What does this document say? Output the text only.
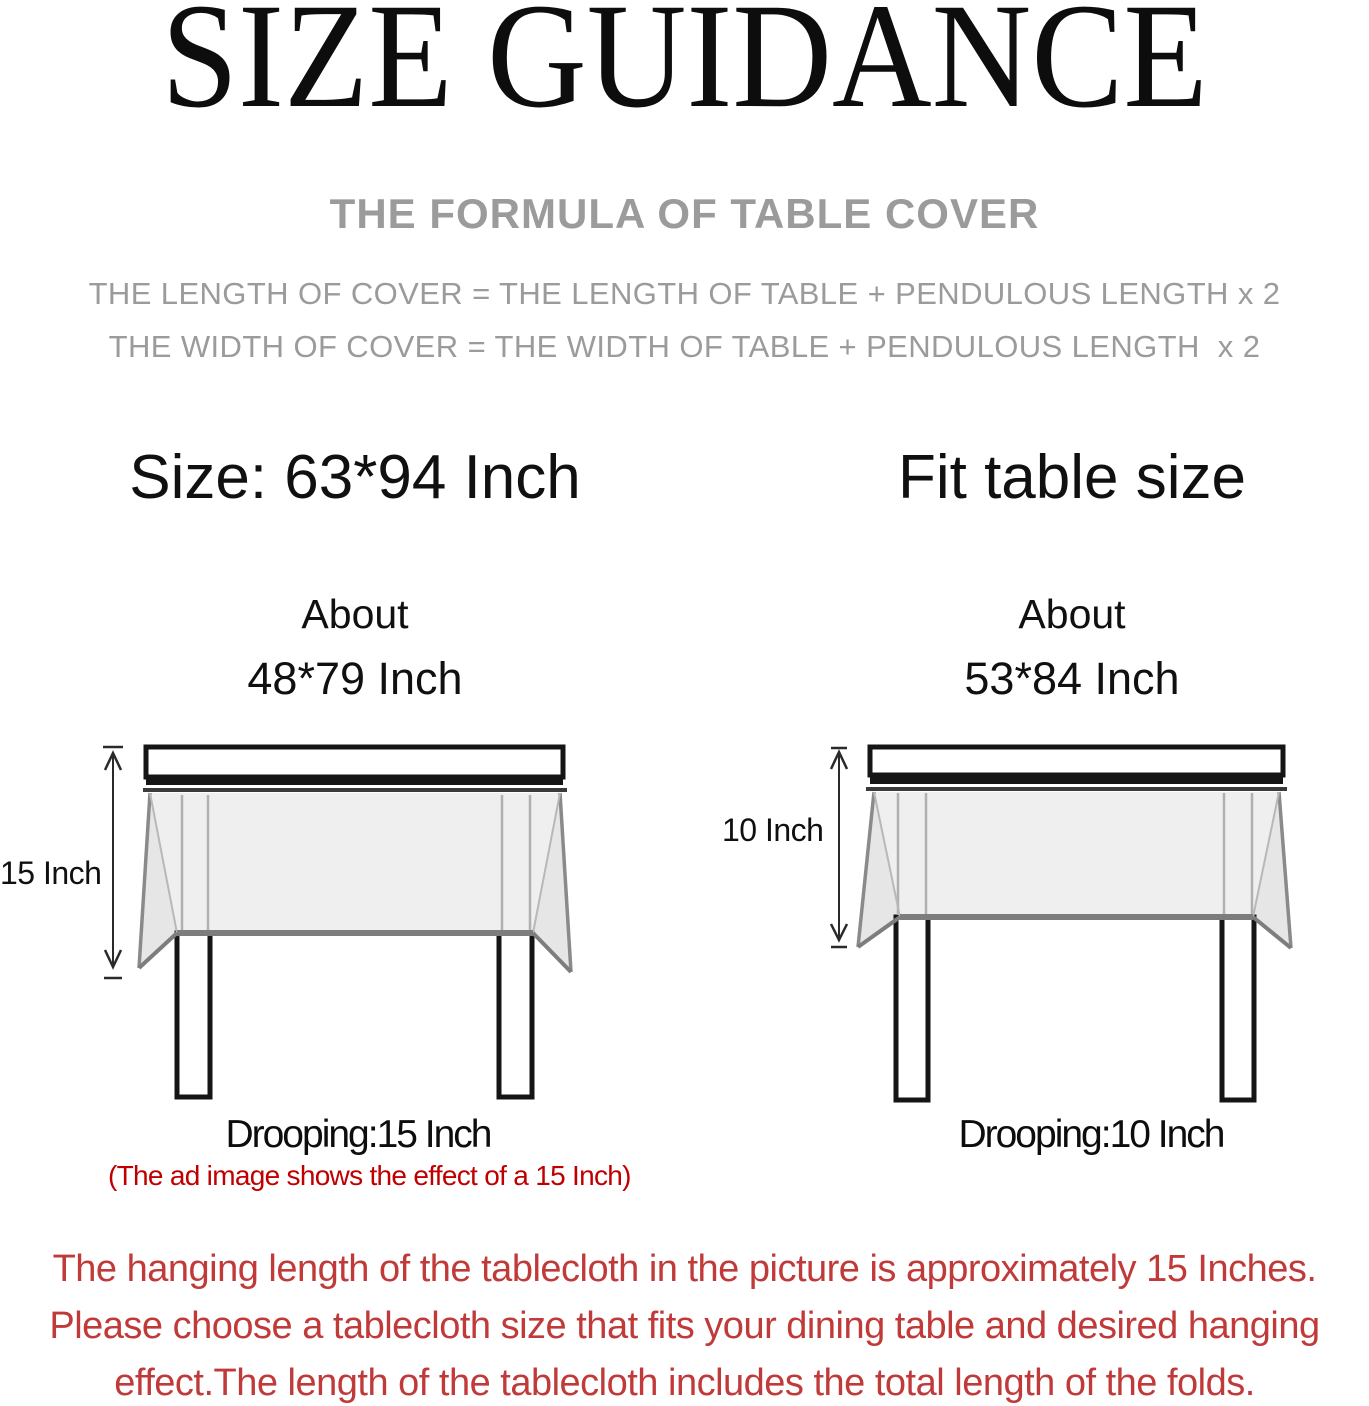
SIZE GUIDANCE
THE FORMULA OF TABLE COVER
THE LENGTH OF COVER = THE LENGTH OF TABLE + PENDULOUS LENGTH x 2
THE WIDTH OF COVER = THE WIDTH OF TABLE + PENDULOUS LENGTH  x 2
Size: 63*94 Inch	Fit table size
About	About
48*79 Inch	53*84 Inch
15 Inch
10 Inch
Drooping:15 Inch	Drooping:10 Inch
(The ad image shows the effect of a 15 Inch)
The hanging length of the tablecloth in the picture is approximately 15 Inches.
Please choose a tablecloth size that fits your dining table and desired hanging
effect.The length of the tablecloth includes the total length of the folds.
